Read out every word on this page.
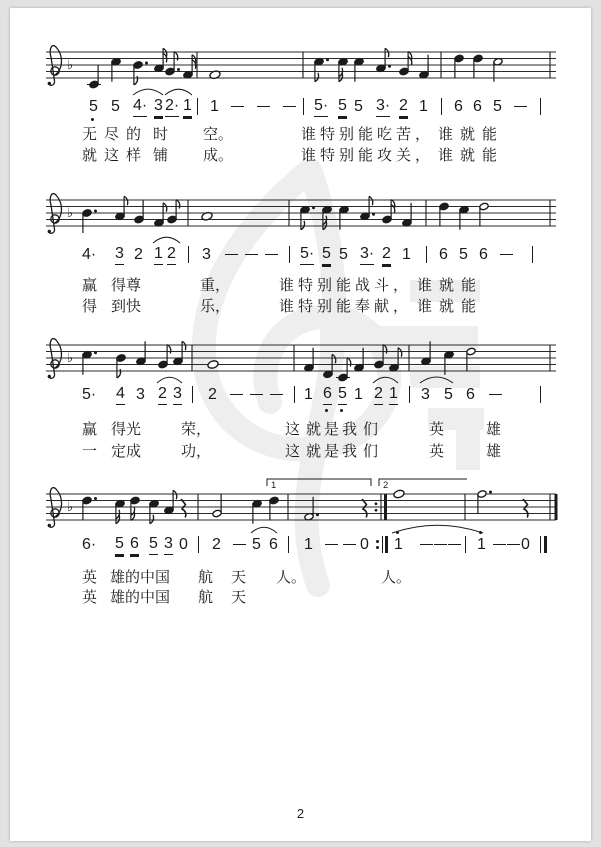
♭
♭
♭
♭
1	2
5 5 4· 3 2· 1 1	5· 5 5 3· 2 1 6 6 5
无尽的 时 空。	谁特别能吃苦， 谁就能
就这样 铺 成。	谁特别能攻关， 谁就能
4· 3 2 1 2 3	5· 5 5 3· 2 1 6 5 6
赢 得尊	重，	谁特别能战斗， 谁就能
得 到快	乐，	谁特别能奉献， 谁就能
5· 4 3 2 3 2	1 6 5 1 2 1 3 5 6
赢 得光	荣，	这 就是我 们	英	雄
一 定成	功，	这 就是我 们	英	雄
6· 5 6 5 3 0 2 5 6 1	0 1	1 0
英 雄的中国 航 天 人。	人。
英 雄的中国 航 天
2
